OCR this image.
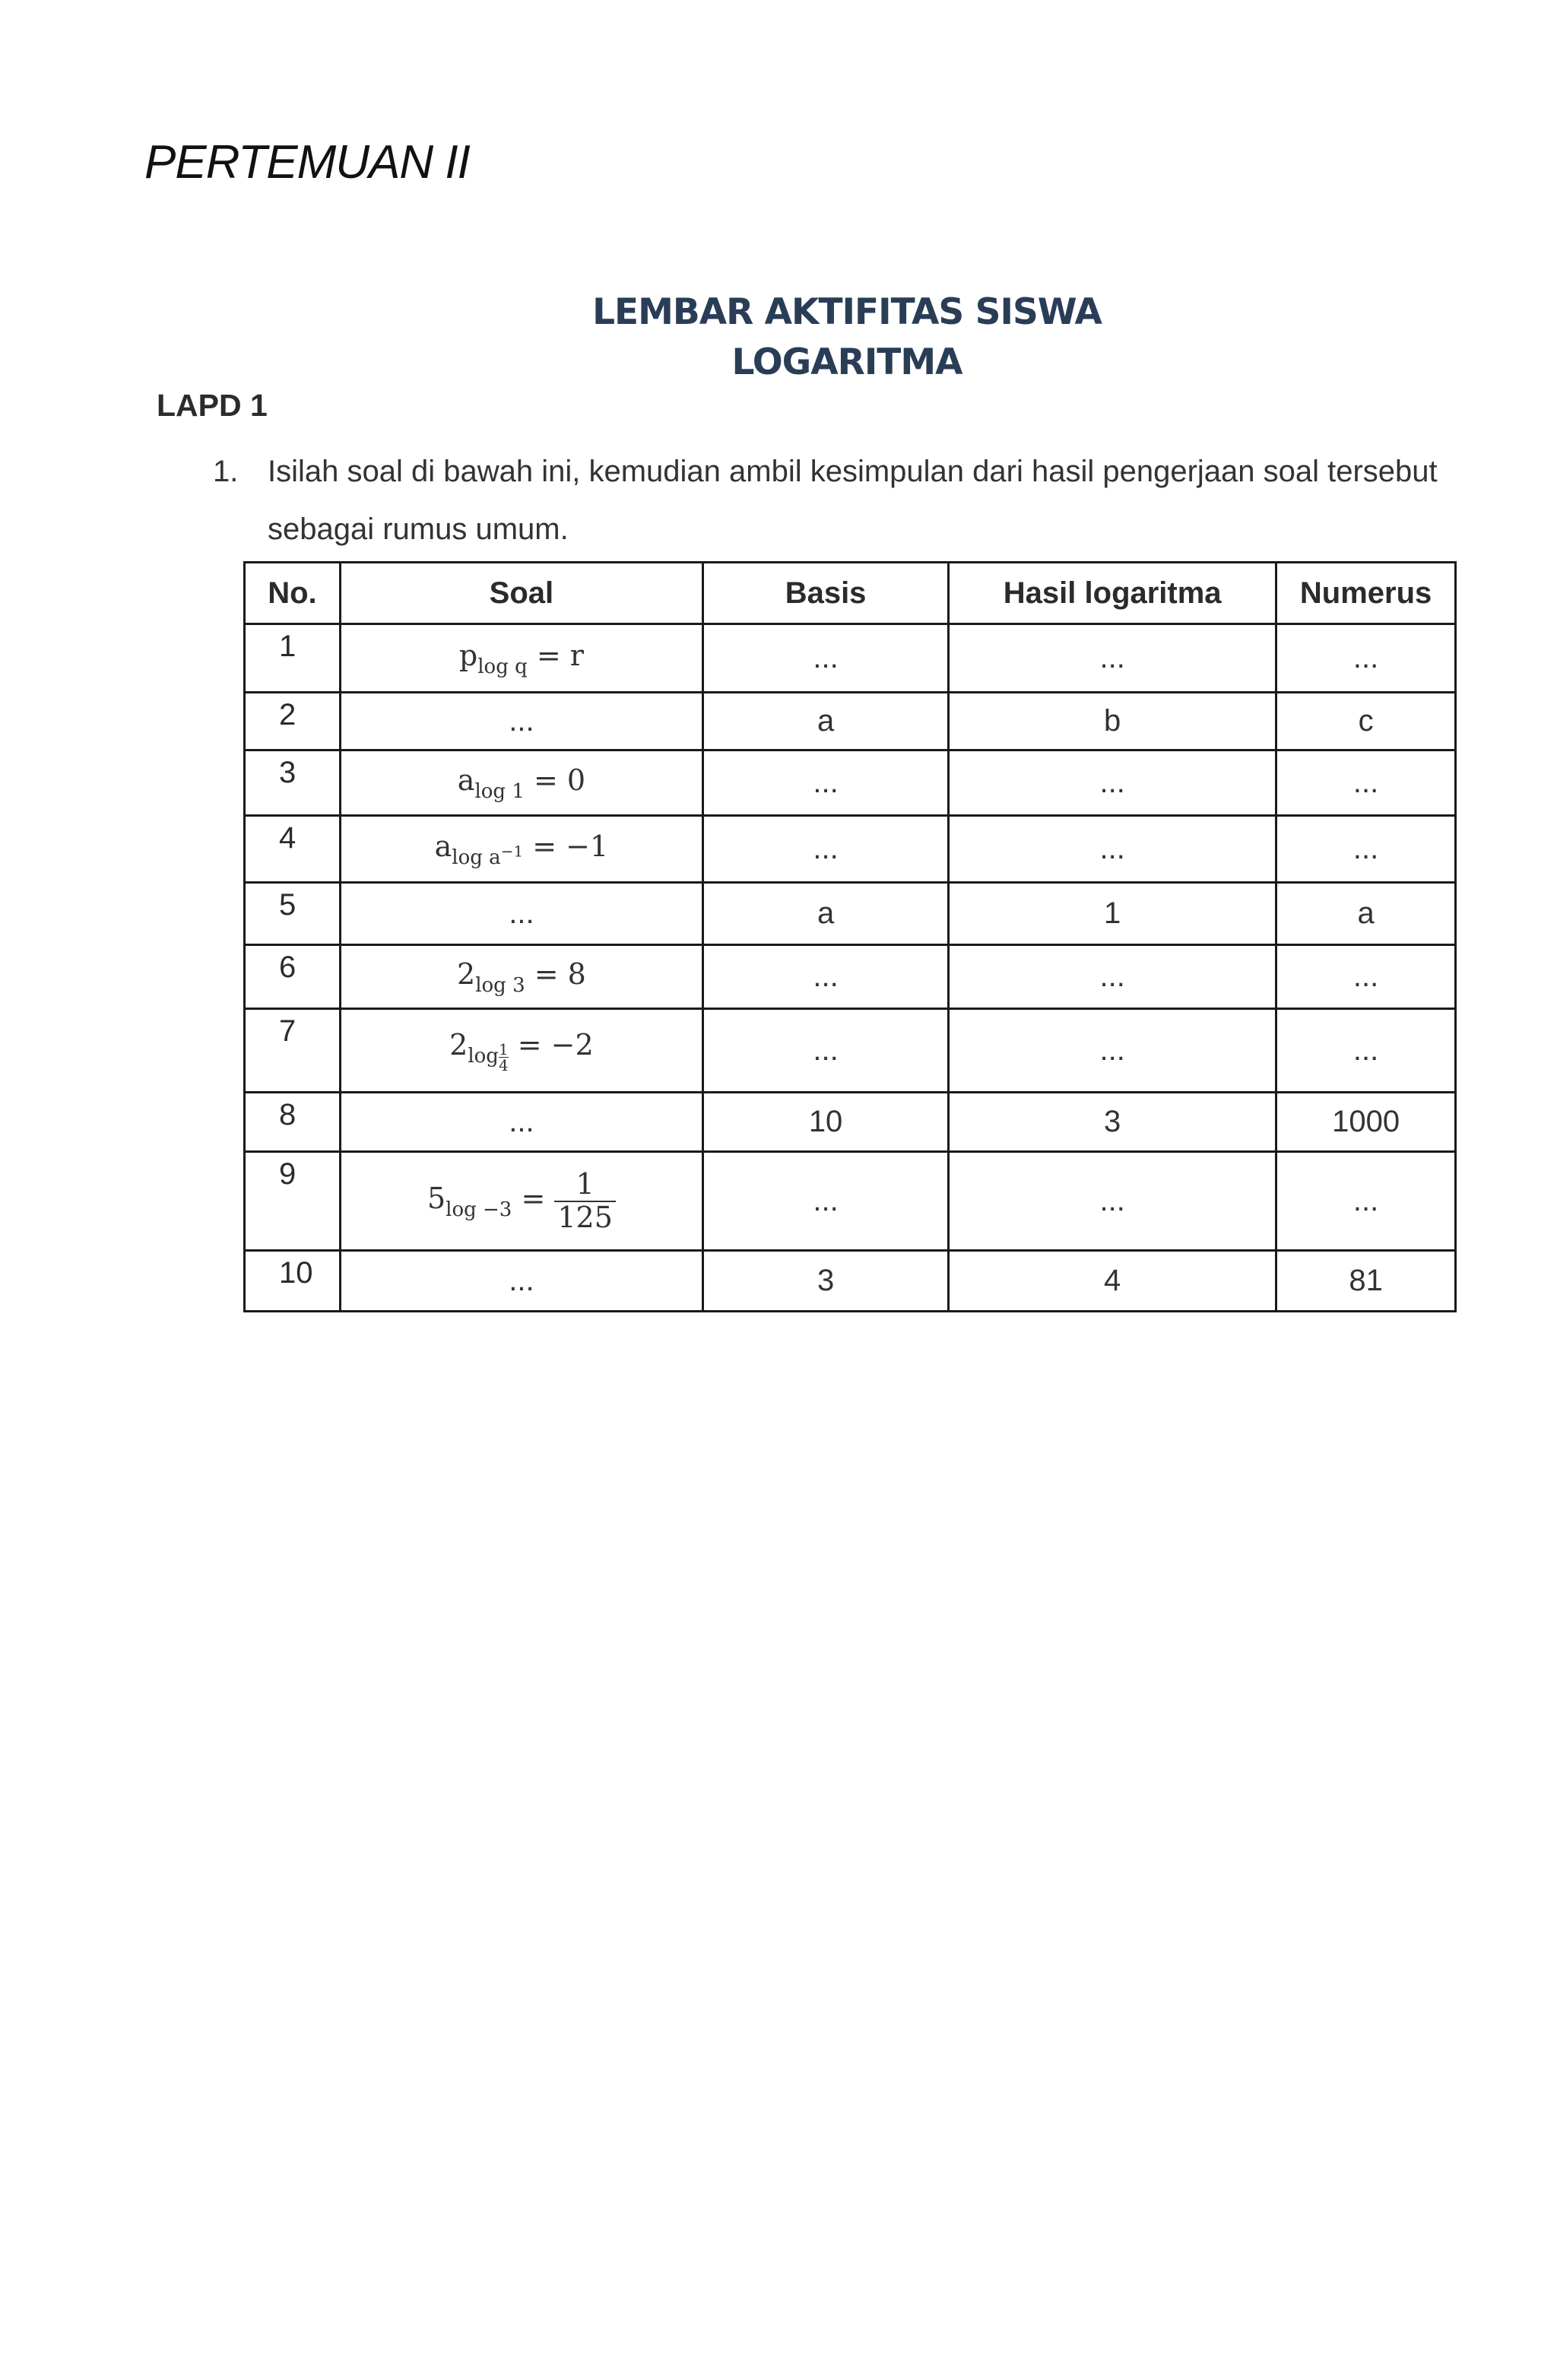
PERTEMUAN II
LEMBAR AKTIFITAS SISWA
LOGARITMA
LAPD 1
1. Isilah soal di bawah ini, kemudian ambil kesimpulan dari hasil pengerjaan soal tersebut sebagai rumus umum.
No.	Soal	Basis	Hasil logaritma	Numerus
1	$p_{log q} = r$	...	...	...
2	...	a	b	c
3	$a_{log 1} = 0$	...	...	...
4	$a_{log a^{-1}} = -1$	...	...	...
5	...	a	1	a
6	$2_{log 3} = 8$	...	...	...
7	$2_{log \frac{1}{4}} = -2$	...	...	...
8	...	10	3	1000
9	$5_{log -3} = \frac{1}{125}$	...	...	...
10	...	3	4	81
